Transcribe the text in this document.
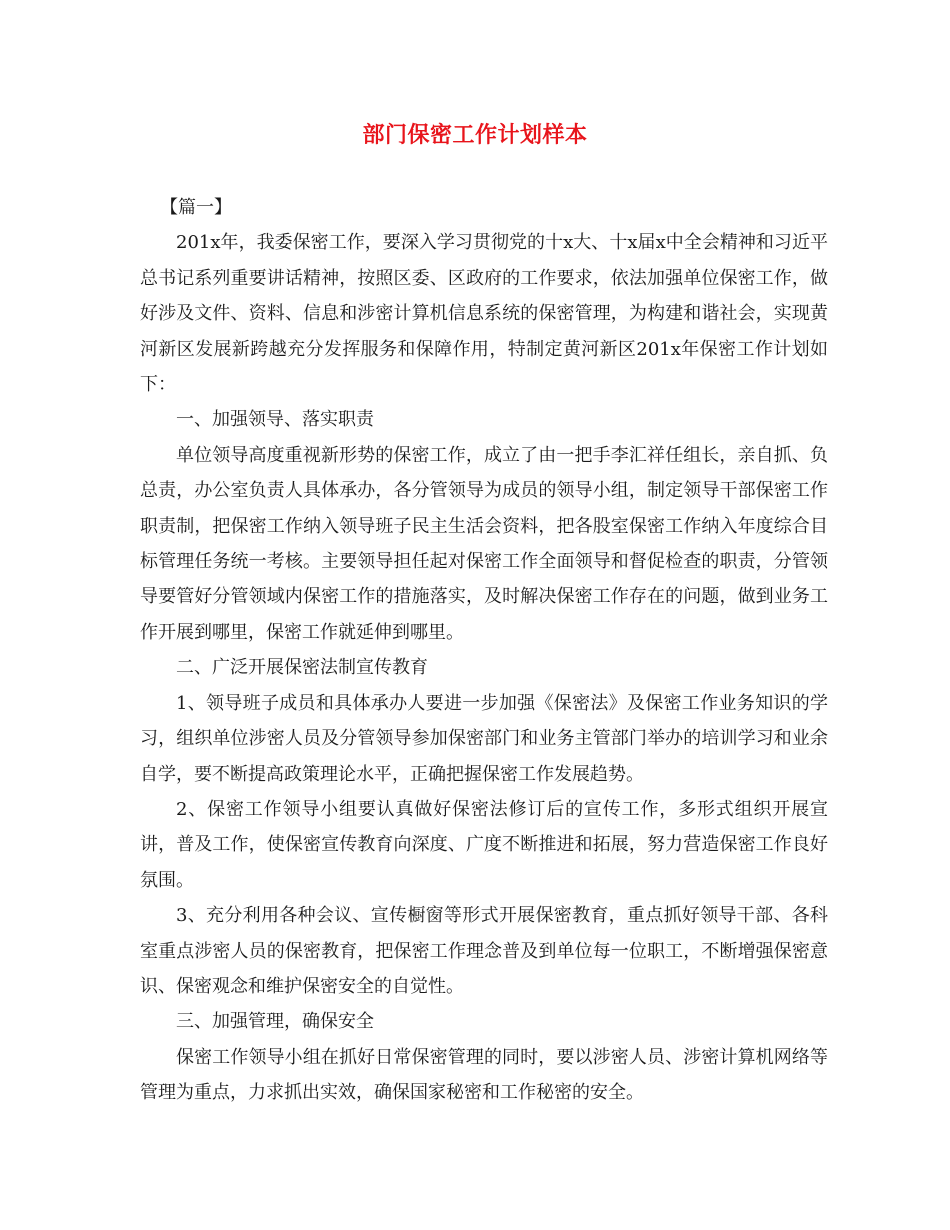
部门保密工作计划样本

【篇一】

201x年，我委保密工作，要深入学习贯彻党的十x大、十x届x中全会精神和习近平总书记系列重要讲话精神，按照区委、区政府的工作要求，依法加强单位保密工作，做好涉及文件、资料、信息和涉密计算机信息系统的保密管理，为构建和谐社会，实现黄河新区发展新跨越充分发挥服务和保障作用，特制定黄河新区201x年保密工作计划如下：

一、加强领导、落实职责

单位领导高度重视新形势的保密工作，成立了由一把手李汇祥任组长，亲自抓、负总责，办公室负责人具体承办，各分管领导为成员的领导小组，制定领导干部保密工作职责制，把保密工作纳入领导班子民主生活会资料，把各股室保密工作纳入年度综合目标管理任务统一考核。主要领导担任起对保密工作全面领导和督促检查的职责，分管领导要管好分管领域内保密工作的措施落实，及时解决保密工作存在的问题，做到业务工作开展到哪里，保密工作就延伸到哪里。

二、广泛开展保密法制宣传教育

1、领导班子成员和具体承办人要进一步加强《保密法》及保密工作业务知识的学习，组织单位涉密人员及分管领导参加保密部门和业务主管部门举办的培训学习和业余自学，要不断提高政策理论水平，正确把握保密工作发展趋势。

2、保密工作领导小组要认真做好保密法修订后的宣传工作，多形式组织开展宣讲，普及工作，使保密宣传教育向深度、广度不断推进和拓展，努力营造保密工作良好氛围。

3、充分利用各种会议、宣传橱窗等形式开展保密教育，重点抓好领导干部、各科室重点涉密人员的保密教育，把保密工作理念普及到单位每一位职工，不断增强保密意识、保密观念和维护保密安全的自觉性。

三、加强管理，确保安全

保密工作领导小组在抓好日常保密管理的同时，要以涉密人员、涉密计算机网络等管理为重点，力求抓出实效，确保国家秘密和工作秘密的安全。
